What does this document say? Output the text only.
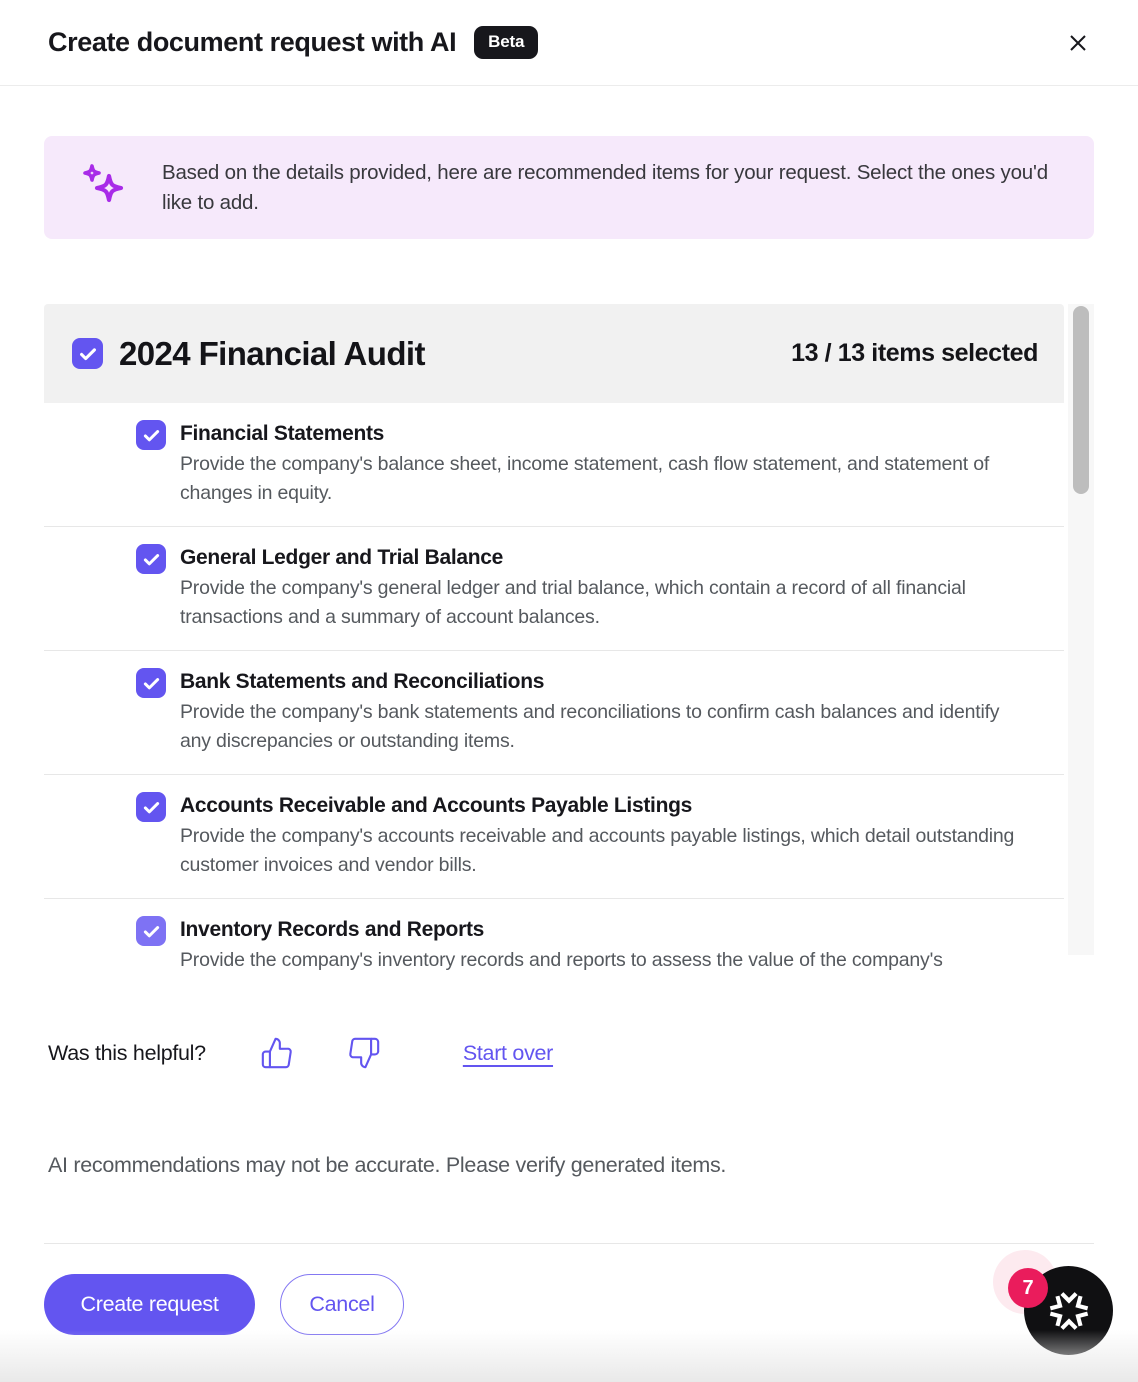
Create document request with AI	Beta
Based on the details provided, here are recommended items for your request. Select the ones you'd like to add.
2024 Financial Audit	13 / 13 items selected
Financial Statements
Provide the company's balance sheet, income statement, cash flow statement, and statement of changes in equity.
General Ledger and Trial Balance
Provide the company's general ledger and trial balance, which contain a record of all financial transactions and a summary of account balances.
Bank Statements and Reconciliations
Provide the company's bank statements and reconciliations to confirm cash balances and identify any discrepancies or outstanding items.
Accounts Receivable and Accounts Payable Listings
Provide the company's accounts receivable and accounts payable listings, which detail outstanding customer invoices and vendor bills.
Inventory Records and Reports
Provide the company's inventory records and reports to assess the value of the company's
Was this helpful?	Start over
AI recommendations may not be accurate. Please verify generated items.
Create request	Cancel
7
